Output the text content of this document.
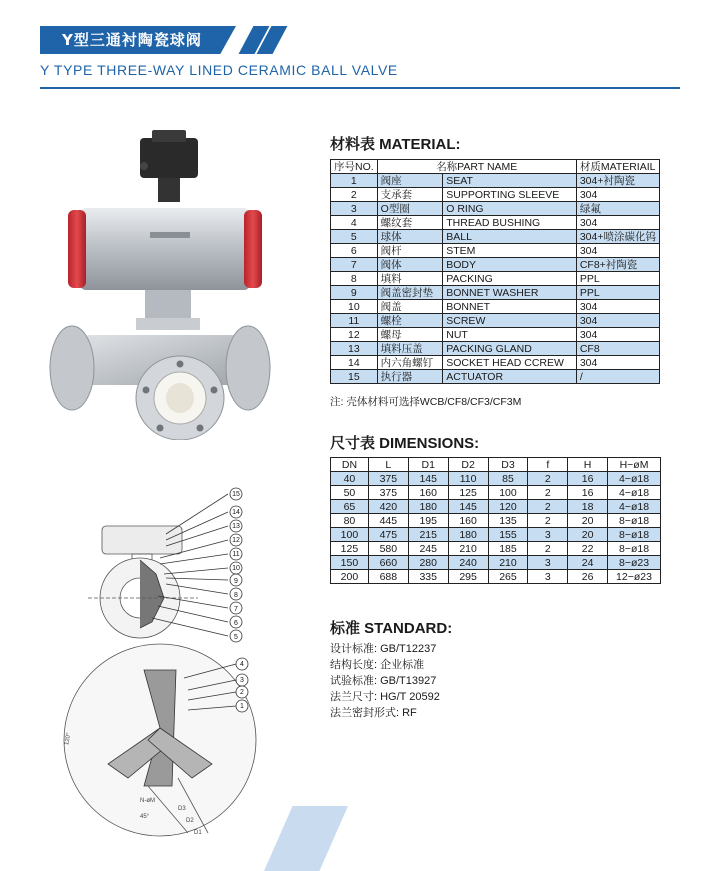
Y型三通衬陶瓷球阀
Y TYPE THREE-WAY LINED CERAMIC BALL VALVE
15
14
13
12
11
10
9
8
7
6
5
4
3
2
1
D3
D2
D1
N-øM
45°
120°
材料表 MATERIAL:
序号NO.	名称PART NAME		材质MATERIAIL
1	阀座	SEAT	304+衬陶瓷
2	支承套	SUPPORTING SLEEVE	304
3	O型圈	O RING	绿氟
4	螺纹套	THREAD BUSHING	304
5	球体	BALL	304+喷涂碳化钨
6	阀杆	STEM	304
7	阀体	BODY	CF8+衬陶瓷
8	填料	PACKING	PPL
9	阀盖密封垫	BONNET WASHER	PPL
10	阀盖	BONNET	304
11	螺栓	SCREW	304
12	螺母	NUT	304
13	填料压盖	PACKING GLAND	CF8
14	内六角螺钉	SOCKET HEAD CCREW	304
15	执行器	ACTUATOR	/
注: 壳体材料可选择WCB/CF8/CF3/CF3M
尺寸表 DIMENSIONS:
DN	L	D1	D2	D3	f	H	H−øM
40	375	145	110	85	2	16	4−ø18
50	375	160	125	100	2	16	4−ø18
65	420	180	145	120	2	18	4−ø18
80	445	195	160	135	2	20	8−ø18
100	475	215	180	155	3	20	8−ø18
125	580	245	210	185	2	22	8−ø18
150	660	280	240	210	3	24	8−ø23
200	688	335	295	265	3	26	12−ø23
标准 STANDARD:
设计标准: GB/T12237
结构长度: 企业标准
试验标准: GB/T13927
法兰尺寸: HG/T 20592
法兰密封形式: RF
